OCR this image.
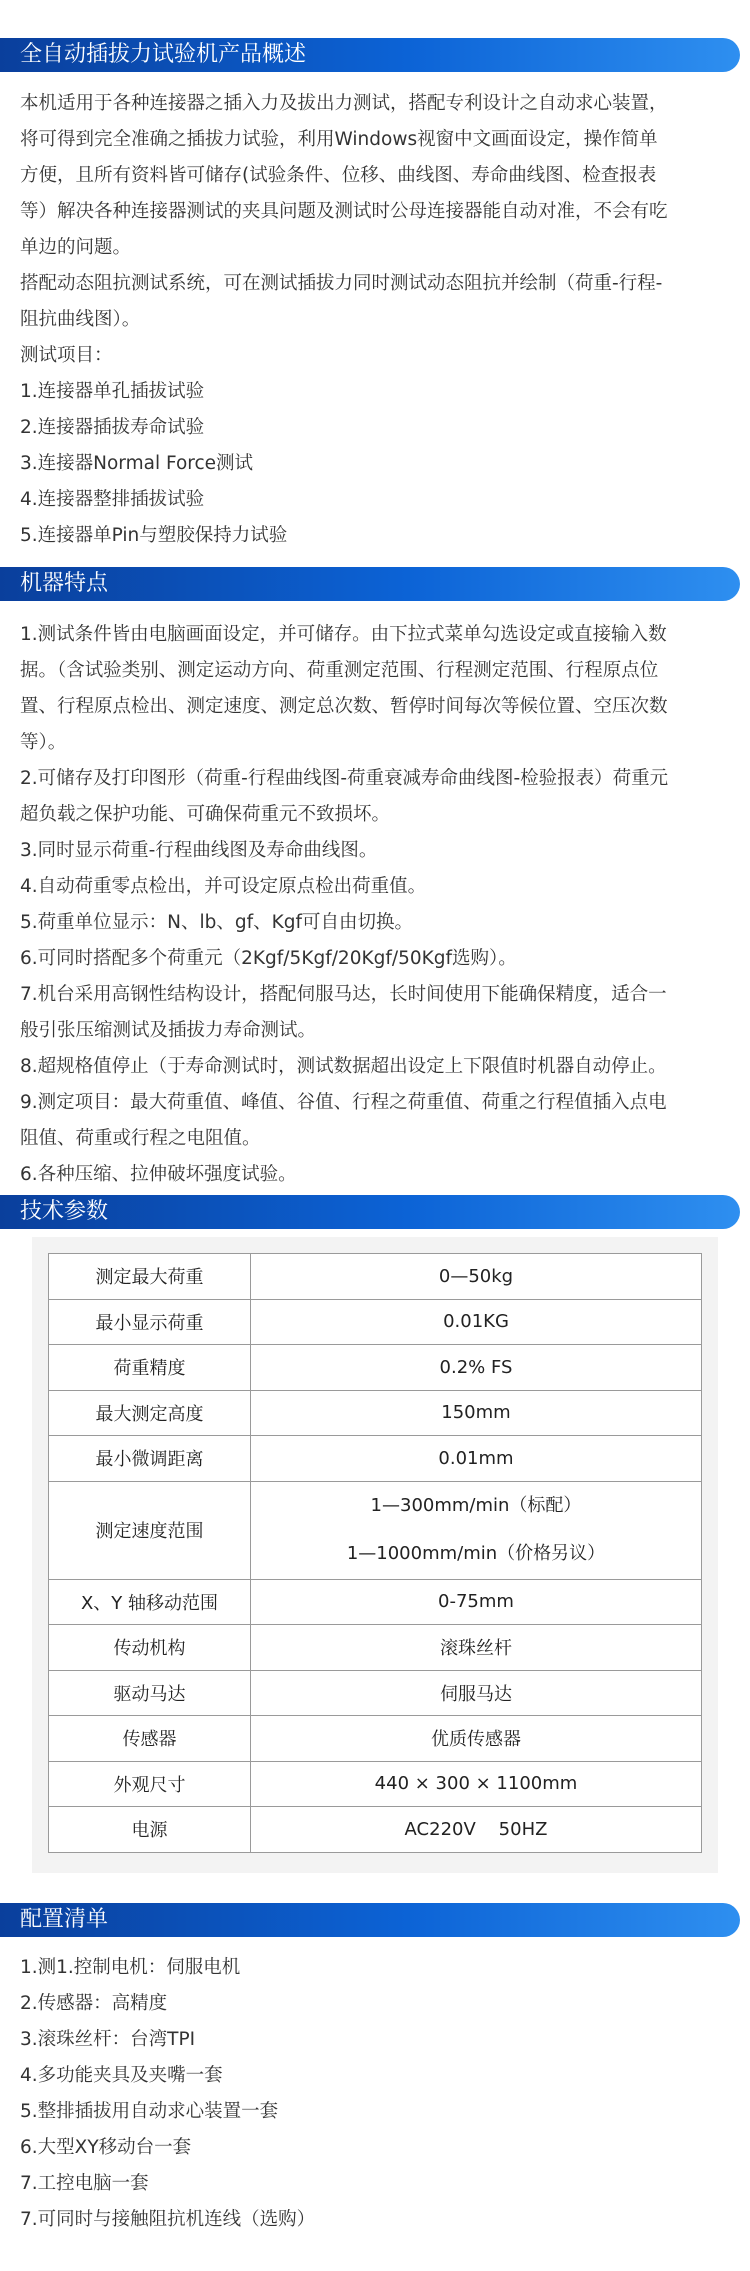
全自动插拔力试验机产品概述

本机适用于各种连接器之插入力及拔出力测试，搭配专利设计之自动求心装置，

将可得到完全准确之插拔力试验，利用Windows视窗中文画面设定，操作简单

方便，且所有资料皆可储存(试验条件、位移、曲线图、寿命曲线图、检查报表

等）解决各种连接器测试的夹具问题及测试时公母连接器能自动对准，不会有吃

单边的问题。

搭配动态阻抗测试系统，可在测试插拔力同时测试动态阻抗并绘制（荷重-行程-

阻抗曲线图）。

测试项目：

1.连接器单孔插拔试验

2.连接器插拔寿命试验

3.连接器Normal Force测试

4.连接器整排插拔试验

5.连接器单Pin与塑胶保持力试验

机器特点

1.测试条件皆由电脑画面设定，并可储存。由下拉式菜单勾选设定或直接输入数

据。（含试验类别、测定运动方向、荷重测定范围、行程测定范围、行程原点位

置、行程原点检出、测定速度、测定总次数、暂停时间每次等候位置、空压次数

等）。

2.可储存及打印图形（荷重-行程曲线图-荷重衰减寿命曲线图-检验报表）荷重元

超负载之保护功能、可确保荷重元不致损坏。

3.同时显示荷重-行程曲线图及寿命曲线图。

4.自动荷重零点检出，并可设定原点检出荷重值。

5.荷重单位显示：N、lb、gf、Kgf可自由切换。

6.可同时搭配多个荷重元（2Kgf/5Kgf/20Kgf/50Kgf选购）。

7.机台采用高钢性结构设计，搭配伺服马达，长时间使用下能确保精度，适合一

般引张压缩测试及插拔力寿命测试。

8.超规格值停止（于寿命测试时，测试数据超出设定上下限值时机器自动停止。

9.测定项目：最大荷重值、峰值、谷值、行程之荷重值、荷重之行程值插入点电

阻值、荷重或行程之电阻值。

6.各种压缩、拉伸破坏强度试验。

技术参数
测定最大荷重	0—50kg
最小显示荷重	0.01KG
荷重精度	0.2% FS
最大测定高度	150mm
最小微调距离	0.01mm
测定速度范围	1—300mm/min（标配）
1—1000mm/min（价格另议）

X、Y 轴移动范围	0-75mm
传动机构	滚珠丝杆
驱动马达	伺服马达
传感器	优质传感器
外观尺寸	440 × 300 × 1100mm
电源	AC220V    50HZ
配置清单

1.测1.控制电机：伺服电机

2.传感器：高精度

3.滚珠丝杆：台湾TPI

4.多功能夹具及夹嘴一套

5.整排插拔用自动求心装置一套

6.大型XY移动台一套

7.工控电脑一套

7.可同时与接触阻抗机连线（选购）
